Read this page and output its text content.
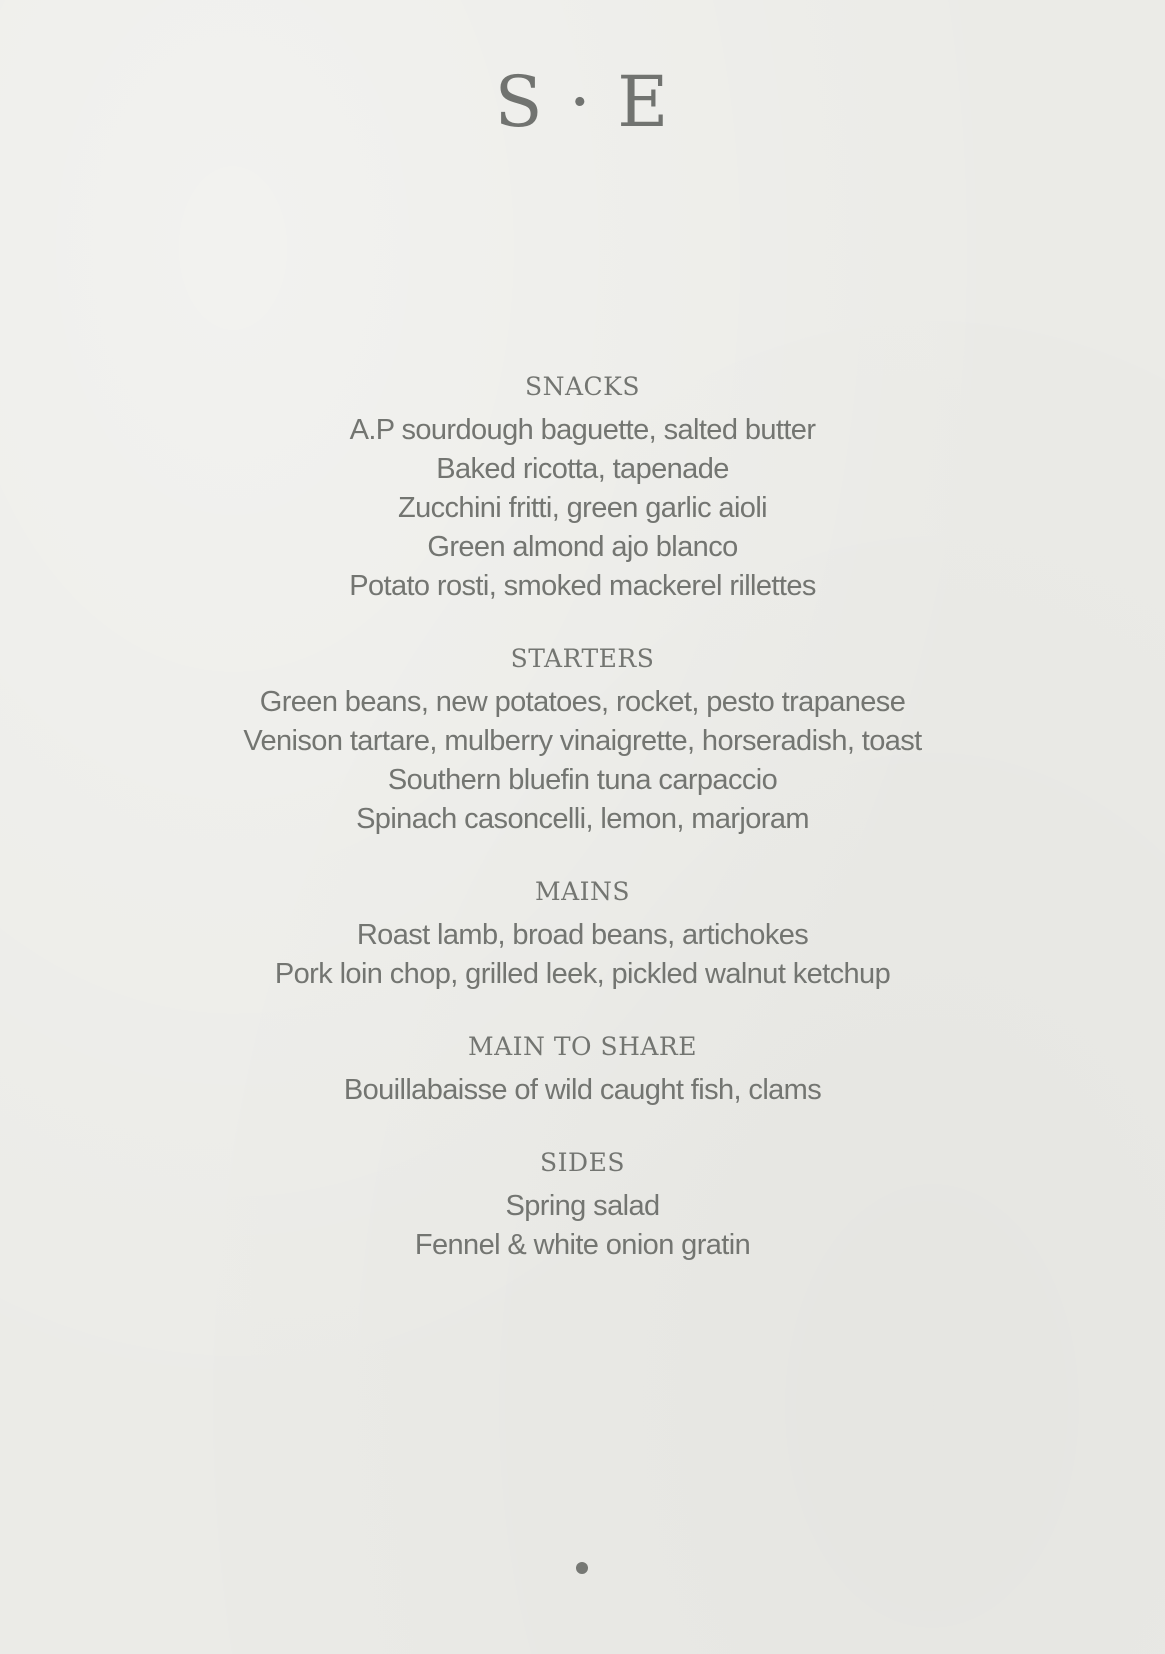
S · E
SNACKS
A.P sourdough baguette, salted butter
Baked ricotta, tapenade
Zucchini fritti, green garlic aioli
Green almond ajo blanco
Potato rosti, smoked mackerel rillettes
STARTERS
Green beans, new potatoes, rocket, pesto trapanese
Venison tartare, mulberry vinaigrette, horseradish, toast
Southern bluefin tuna carpaccio
Spinach casoncelli, lemon, marjoram
MAINS
Roast lamb, broad beans, artichokes
Pork loin chop, grilled leek, pickled walnut ketchup
MAIN TO SHARE
Bouillabaisse of wild caught fish, clams
SIDES
Spring salad
Fennel & white onion gratin
